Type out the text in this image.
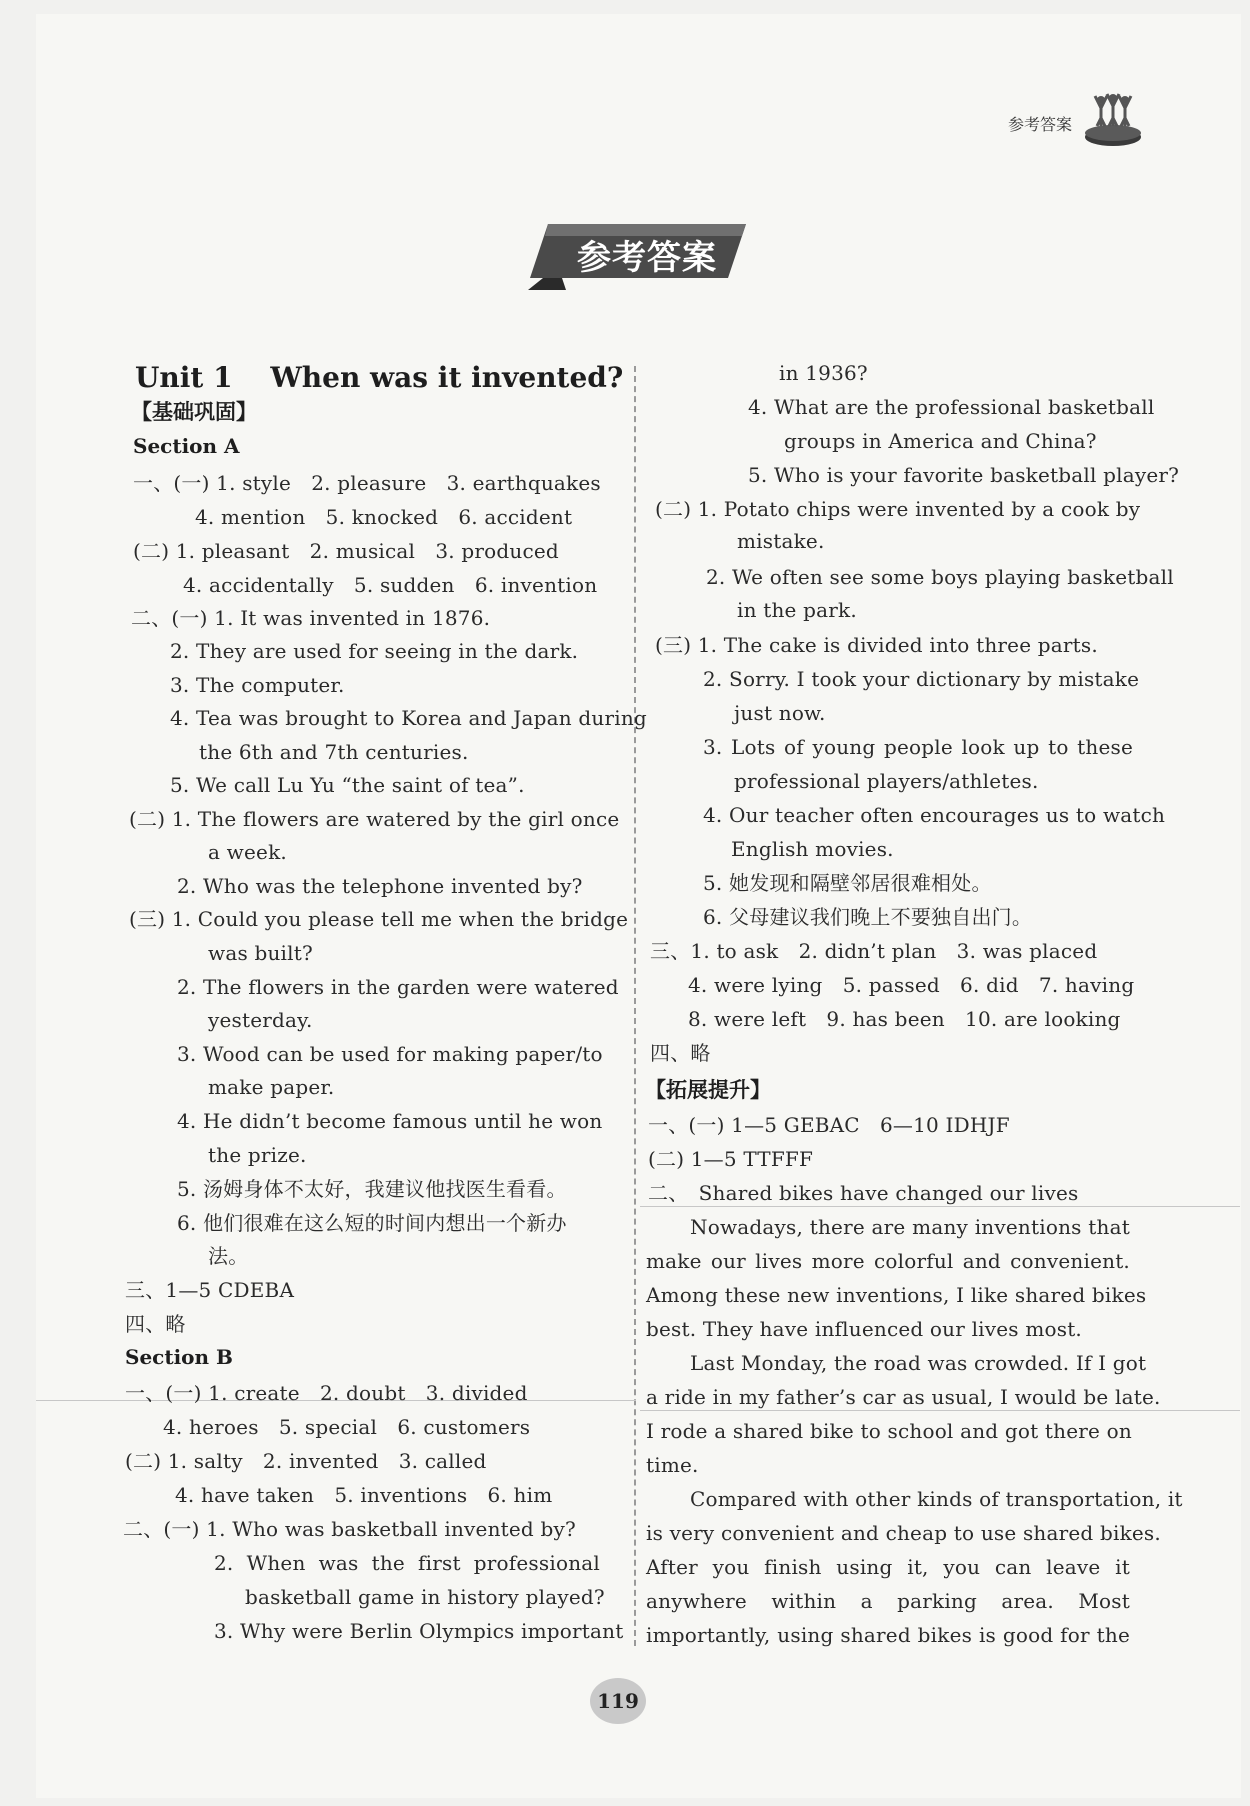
参考答案
参考答案
Unit 1　 When was it invented?
【基础巩固】
Section A
一、(一) 1. style　2. pleasure　3. earthquakes
4. mention　5. knocked　6. accident
(二) 1. pleasant　2. musical　3. produced
4. accidentally　5. sudden　6. invention
二、(一) 1. It was invented in 1876.
2. They are used for seeing in the dark.
3. The computer.
4. Tea was brought to Korea and Japan during
the 6th and 7th centuries.
5. We call Lu Yu “the saint of tea”.
(二) 1. The flowers are watered by the girl once
a week.
2. Who was the telephone invented by?
(三) 1. Could you please tell me when the bridge
was built?
2. The flowers in the garden were watered
yesterday.
3. Wood can be used for making paper/to
make paper.
4. He didn’t become famous until he won
the prize.
5. 汤姆身体不太好，我建议他找医生看看。
6. 他们很难在这么短的时间内想出一个新办
法。
三、1—5 CDEBA
四、略
Section B
一、(一) 1. create　2. doubt　3. divided
4. heroes　5. special　6. customers
(二) 1. salty　2. invented　3. called
4. have taken　5. inventions　6. him
二、(一) 1. Who was basketball invented by?
2. When was the first professional
basketball game in history played?
3. Why were Berlin Olympics important
in 1936?
4. What are the professional basketball
groups in America and China?
5. Who is your favorite basketball player?
(二) 1. Potato chips were invented by a cook by
mistake.
2. We often see some boys playing basketball
in the park.
(三) 1. The cake is divided into three parts.
2. Sorry. I took your dictionary by mistake
just now.
3. Lots of young people look up to these
professional players/athletes.
4. Our teacher often encourages us to watch
English movies.
5. 她发现和隔壁邻居很难相处。
6. 父母建议我们晚上不要独自出门。
三、1. to ask　2. didn’t plan　3. was placed
4. were lying　5. passed　6. did　7. having
8. were left　9. has been　10. are looking
四、略
【拓展提升】
一、(一) 1—5 GEBAC　6—10 IDHJF
(二) 1—5 TTFFF
二、　Shared bikes have changed our lives
Nowadays, there are many inventions that
make our lives more colorful and convenient.
Among these new inventions, I like shared bikes
best. They have influenced our lives most.
Last Monday, the road was crowded. If I got
a ride in my father’s car as usual, I would be late.
I rode a shared bike to school and got there on
time.
Compared with other kinds of transportation, it
is very convenient and cheap to use shared bikes.
After you finish using it, you can leave it
anywhere within a parking area. Most
importantly, using shared bikes is good for the
119
